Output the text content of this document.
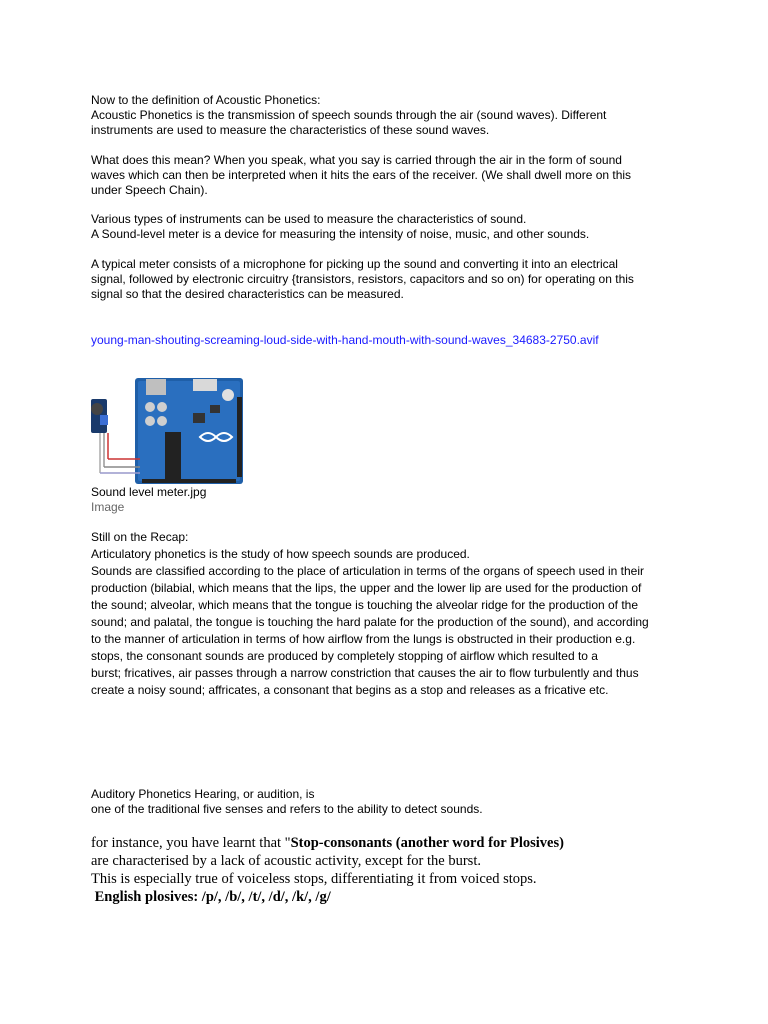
Now to the definition of Acoustic Phonetics:
Acoustic Phonetics is the transmission of speech sounds through the air (sound waves). Different
instruments are used to measure the characteristics of these sound waves.
What does this mean? When you speak, what you say is carried through the air in the form of sound
waves which can then be interpreted when it hits the ears of the receiver. (We shall dwell more on this
under Speech Chain).
Various types of instruments can be used to measure the characteristics of sound.
A Sound-level meter is a device for measuring the intensity of noise, music, and other sounds.
A typical meter consists of a microphone for picking up the sound and converting it into an electrical
signal, followed by electronic circuitry {transistors, resistors, capacitors and so on) for operating on this
signal so that the desired characteristics can be measured.
young-man-shouting-screaming-loud-side-with-hand-mouth-with-sound-waves_34683-2750.avif
Sound level meter.jpg
Image
Still on the Recap:
Articulatory phonetics is the study of how speech sounds are produced.
Sounds are classified according to the place of articulation in terms of the organs of speech used in their
production (bilabial, which means that the lips, the upper and the lower lip are used for the production of
the sound; alveolar, which means that the tongue is touching the alveolar ridge for the production of the
sound; and palatal, the tongue is touching the hard palate for the production of the sound), and according
to the manner of articulation in terms of how airflow from the lungs is obstructed in their production e.g.
stops, the consonant sounds are produced by completely stopping of airflow which resulted to a
burst; fricatives, air passes through a narrow constriction that causes the air to flow turbulently and thus
create a noisy sound; affricates, a consonant that begins as a stop and releases as a fricative etc.
Auditory Phonetics Hearing, or audition, is
one of the traditional five senses and refers to the ability to detect sounds.
for instance, you have learnt that "Stop-consonants (another word for Plosives)
are characterised by a lack of acoustic activity, except for the burst.
This is especially true of voiceless stops, differentiating it from voiced stops.
English plosives: /p/, /b/, /t/, /d/, /k/, /g/
